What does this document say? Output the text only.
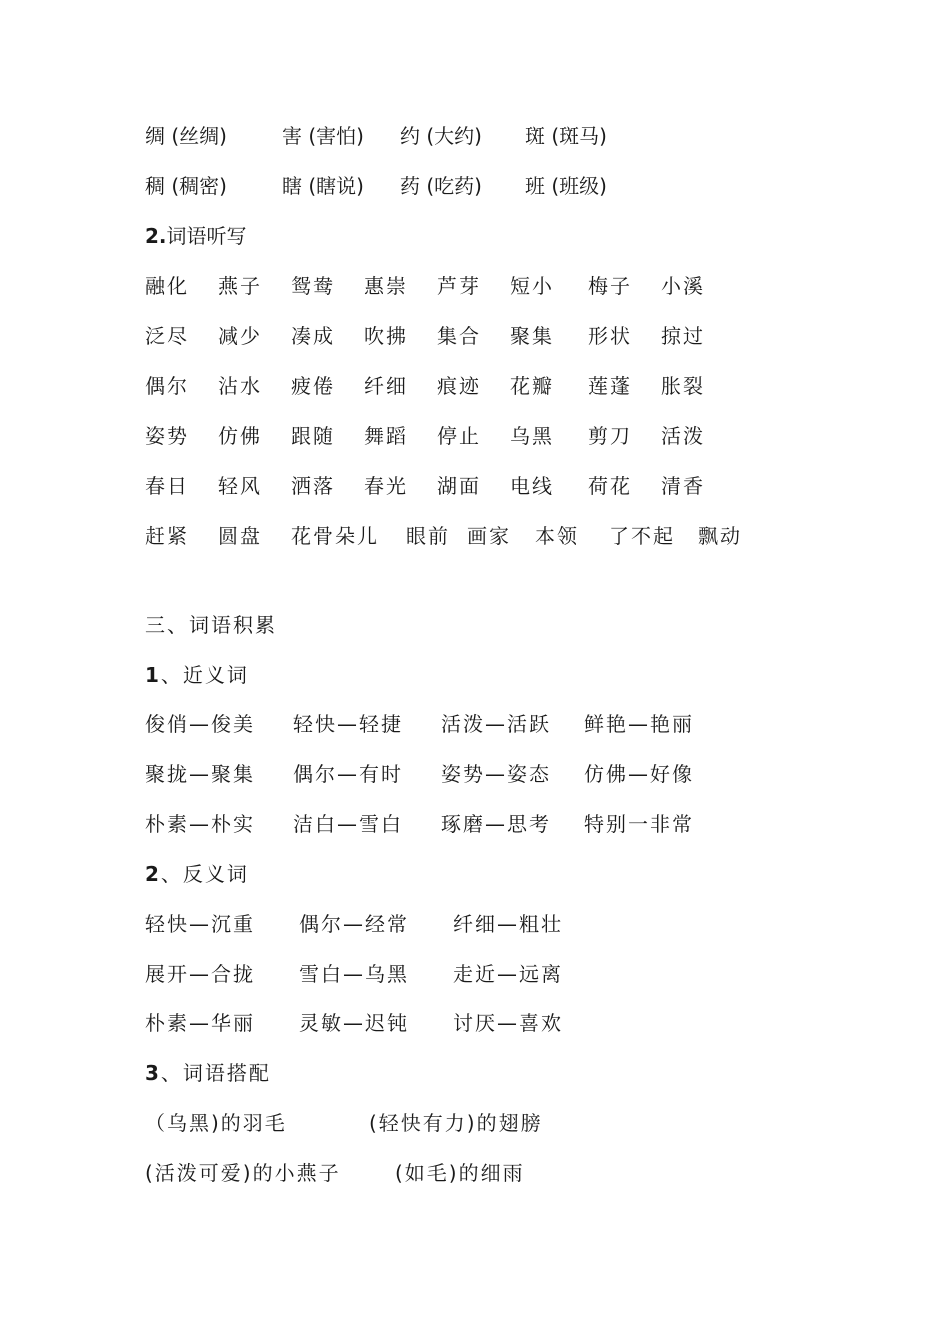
绸 (丝绸)	害 (害怕) 约 (大约) 斑 (斑马)
稠 (稠密)	瞎 (瞎说) 药 (吃药) 班 (班级)
2.词语听写
融化 燕子 鸳鸯 惠崇 芦芽 短小 梅子 小溪
泛尽 减少 凑成 吹拂 集合 聚集 形状 掠过
偶尔 沾水 疲倦 纤细 痕迹 花瓣 莲蓬 胀裂
姿势 仿佛 跟随 舞蹈 停止 乌黑 剪刀 活泼
春日 轻风 洒落 春光 湖面 电线 荷花 清香
赶紧 圆盘 花骨朵儿 眼前 画家 本领 了不起 飘动
三、词语积累
1、近义词
俊俏—俊美 轻快—轻捷 活泼—活跃 鲜艳—艳丽
聚拢—聚集 偶尔—有时 姿势—姿态 仿佛—好像
朴素—朴实 洁白—雪白 琢磨—思考 特别一非常
2、反义词
轻快—沉重 偶尔—经常 纤细—粗壮
展开—合拢 雪白—乌黑 走近—远离
朴素—华丽 灵敏—迟钝 讨厌—喜欢
3、词语搭配
（乌黑)的羽毛	(轻快有力)的翅膀
(活泼可爱)的小燕子	(如毛)的细雨
